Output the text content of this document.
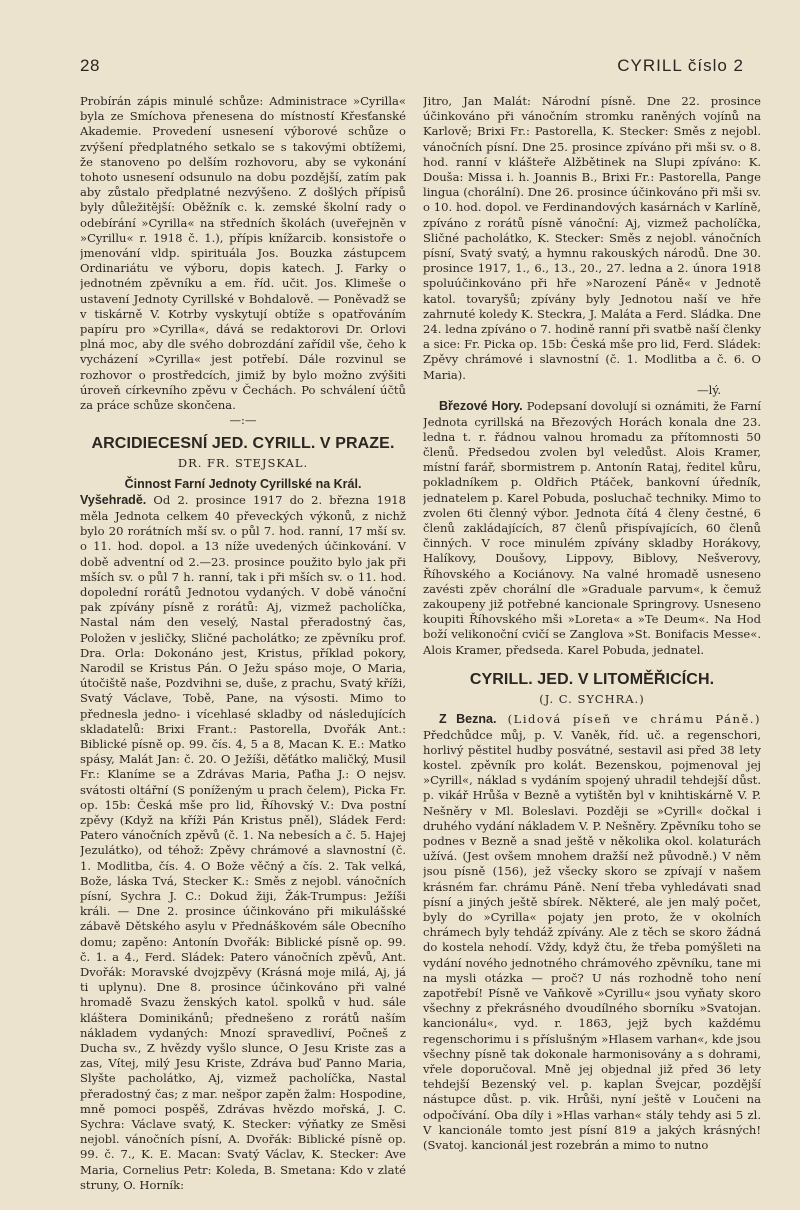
28	CYRILL číslo 2

Probírán zápis minulé schůze: Administrace »Cyrilla« byla ze Smíchova přenesena do místností Křesťanské Akademie. Provedení usnesení výborové schůze o zvýšení předplatného setkalo se s takovými obtížemi, že stanoveno po delším rozhovoru, aby se vykonání tohoto usnesení odsunulo na dobu pozdější, zatím pak aby zůstalo předplatné nezvýšeno. Z došlých přípisů byly důležitější: Oběžník c. k. zemské školní rady o odebírání »Cyrilla« na středních školách (uveřejněn v »Cyrillu« r. 1918 č. 1.), přípis knížarcib. konsistoře o jmenování vldp. spirituála Jos. Bouzka zástupcem Ordinariátu ve výboru, dopis katech. J. Farky o jednotném zpěvníku a em. říd. učit. Jos. Klimeše o ustavení Jednoty Cyrillské v Bohdalově. — Poněvadž se v tiskárně V. Kotrby vyskytují obtíže s opatřováním papíru pro »Cyrilla«, dává se redaktorovi Dr. Orlovi plná moc, aby dle svého dobrozdání zařídil vše, čeho k vycházení »Cyrilla« jest potřebí. Dále rozvinul se rozhovor o prostředcích, jimiž by bylo možno zvýšiti úroveň církevního zpěvu v Čechách. Po schválení účtů za práce schůze skončena.

—:—

ARCIDIECESNÍ JED. CYRILL. V PRAZE.
DR. FR. STEJSKAL.

Činnost Farní Jednoty Cyrillské na Král.

Vyšehradě. Od 2. prosince 1917 do 2. března 1918 měla Jednota celkem 40 převeckých výkonů, z nichž bylo 20 rorátních mší sv. o půl 7. hod. ranní, 17 mší sv. o 11. hod. dopol. a 13 níže uvedených účinkování. V době adventní od 2.—23. prosince použito bylo jak při mších sv. o půl 7 h. ranní, tak i při mších sv. o 11. hod. dopolední rorátů Jednotou vydaných. V době vánoční pak zpívány písně z rorátů: Aj, vizmež pacholíčka, Nastal nám den veselý, Nastal přeradostný čas, Položen v jesličky, Sličné pacholátko; ze zpěvníku prof. Dra. Orla: Dokonáno jest, Kristus, příklad pokory, Narodil se Kristus Pán. O Ježu spáso moje, O Maria, útočiště naše, Pozdvihni se, duše, z prachu, Svatý kříži, Svatý Václave, Tobě, Pane, na výsosti. Mimo to přednesla jedno- i vícehlasé skladby od následujících skladatelů: Brixi Frant.: Pastorella, Dvořák Ant.: Biblické písně op. 99. čís. 4, 5 a 8, Macan K. E.: Matko spásy, Malát Jan: č. 20. O Ježíši, děťátko maličký, Musil Fr.: Klaníme se a Zdrávas Maria, Paťha J.: O nejsv. svátosti oltářní (S poníženým u prach čelem), Picka Fr. op. 15b: Česká mše pro lid, Říhovský V.: Dva postní zpěvy (Když na kříži Pán Kristus pněl), Sládek Ferd: Patero vánočních zpěvů (č. 1. Na nebesích a č. 5. Hajej Jezulátko), od téhož: Zpěvy chrámové a slavnostní (č. 1. Modlitba, čís. 4. O Bože věčný a čís. 2. Tak velká, Bože, láska Tvá, Stecker K.: Směs z nejobl. vánočních písní, Sychra J. C.: Dokud žiji, Žák-Trumpus: Ježíši králi. — Dne 2. prosince účinkováno při mikulášské zábavě Dětského asylu v Přednáškovém sále Obecního domu; zapěno: Antonín Dvořák: Biblické písně op. 99. č. 1. a 4., Ferd. Sládek: Patero vánočních zpěvů, Ant. Dvořák: Moravské dvojzpěvy (Krásná moje milá, Aj, já ti uplynu). Dne 8. prosince účinkováno při valné hromadě Svazu ženských katol. spolků v hud. sále kláštera Dominikánů; přednešeno z rorátů naším nákladem vydaných: Mnozí spravedliví, Počneš z Ducha sv., Z hvězdy vyšlo slunce, O Jesu Kriste zas a zas, Vítej, milý Jesu Kriste, Zdráva buď Panno Maria, Slyšte pacholátko, Aj, vizmež pacholíčka, Nastal přeradostný čas; z mar. nešpor zapěn žalm: Hospodine, mně pomoci pospěš, Zdrávas hvězdo mořská, J. C. Sychra: Václave svatý, K. Stecker: výňatky ze Směsi nejobl. vánočních písní, A. Dvořák: Biblické písně op. 99. č. 7., K. E. Macan: Svatý Václav, K. Stecker: Ave Maria, Cornelius Petr: Koleda, B. Smetana: Kdo v zlaté struny, O. Horník:

Jitro, Jan Malát: Národní písně. Dne 22. prosince účinkováno při vánočním stromku raněných vojínů na Karlově; Brixi Fr.: Pastorella, K. Stecker: Směs z nejobl. vánočních písní. Dne 25. prosince zpíváno při mši sv. o 8. hod. ranní v klášteře Alžbětinek na Slupi zpíváno: K. Douša: Missa i. h. Joannis B., Brixi Fr.: Pastorella, Pange lingua (chorální). Dne 26. prosince účinkováno při mši sv. o 10. hod. dopol. ve Ferdinandových kasárnách v Karlíně, zpíváno z rorátů písně vánoční: Aj, vizmež pacholíčka, Sličné pacholátko, K. Stecker: Směs z nejobl. vánočních písní, Svatý svatý, a hymnu rakouských národů. Dne 30. prosince 1917, 1., 6., 13., 20., 27. ledna a 2. února 1918 spoluúčinkováno při hře »Narození Páně« v Jednotě katol. tovaryšů; zpívány byly Jednotou naší ve hře zahrnuté koledy K. Steckra, J. Maláta a Ferd. Sládka. Dne 24. ledna zpíváno o 7. hodině ranní při svatbě naší členky a sice: Fr. Picka op. 15b: Česká mše pro lid, Ferd. Sládek: Zpěvy chrámové i slavnostní (č. 1. Modlitba a č. 6. O Maria).

—lý.

Březové Hory. Podepsaní dovolují si oznámiti, že Farní Jednota cyrillská na Březových Horách konala dne 23. ledna t. r. řádnou valnou hromadu za přítomnosti 50 členů. Předsedou zvolen byl veledůst. Alois Kramer, místní farář, sbormistrem p. Antonín Rataj, ředitel kůru, pokladníkem p. Oldřich Ptáček, bankovní úředník, jednatelem p. Karel Pobuda, posluchač techniky. Mimo to zvolen 6ti členný výbor. Jednota čítá 4 členy čestné, 6 členů zakládajících, 87 členů přispívajících, 60 členů činných. V roce minulém zpívány skladby Horákovy, Halíkovy, Doušovy, Lippovy, Biblovy, Nešverovy, Říhovského a Kociánovy. Na valné hromadě usneseno zavésti zpěv chorální dle »Graduale parvum«, k čemuž zakoupeny již potřebné kancionale Springrovy. Usneseno koupiti Říhovského mši »Loreta« a »Te Deum«. Na Hod boží velikonoční cvičí se Zanglova »St. Bonifacis Messe«. Alois Kramer, předseda. Karel Pobuda, jednatel.

CYRILL. JED. V LITOMĚŘICÍCH.
(J. C. SYCHRA.)

Z Bezna. (Lidová píseň ve chrámu Páně.) Předchůdce můj, p. V. Vaněk, říd. uč. a regenschori, horlivý pěstitel hudby posvátné, sestavil asi před 38 lety kostel. zpěvník pro kolát. Bezenskou, pojmenoval jej »Cyrill«, náklad s vydáním spojený uhradil tehdejší důst. p. vikář Hrůša v Bezně a vytištěn byl v knihtiskárně V. P. Nešněry v Ml. Boleslavi. Později se »Cyrill« dočkal i druhého vydání nákladem V. P. Nešněry. Zpěvníku toho se podnes v Bezně a snad ještě v několika okol. kolaturách užívá. (Jest ovšem mnohem dražší než původně.) V něm jsou písně (156), jež všecky skoro se zpívají v našem krásném far. chrámu Páně. Není třeba vyhledávati snad písní a jiných ještě sbírek. Některé, ale jen malý počet, byly do »Cyrilla« pojaty jen proto, že v okolních chrámech byly tehdáž zpívány. Ale z těch se skoro žádná do kostela nehodí. Vždy, když čtu, že třeba pomýšleti na vydání nového jednotného chrámového zpěvníku, tane mi na mysli otázka — proč? U nás rozhodně toho není zapotřebí! Písně ve Vaňkově »Cyrillu« jsou vyňaty skoro všechny z překrásného dvoudílného sborníku »Svatojan. kancionálu«, vyd. r. 1863, jejž bych každému regenschorimu i s příslušným »Hlasem varhan«, kde jsou všechny písně tak dokonale harmonisovány a s dohrami, vřele doporučoval. Mně jej objednal již před 36 lety tehdejší Bezenský vel. p. kaplan Švejcar, pozdější nástupce důst. p. vik. Hrůši, nyní ještě v Loučeni na odpočívání. Oba díly i »Hlas varhan« stály tehdy asi 5 zl. V kancionále tomto jest písní 819 a jakých krásných! (Svatoj. kancionál jest rozebrán a mimo to nutno
